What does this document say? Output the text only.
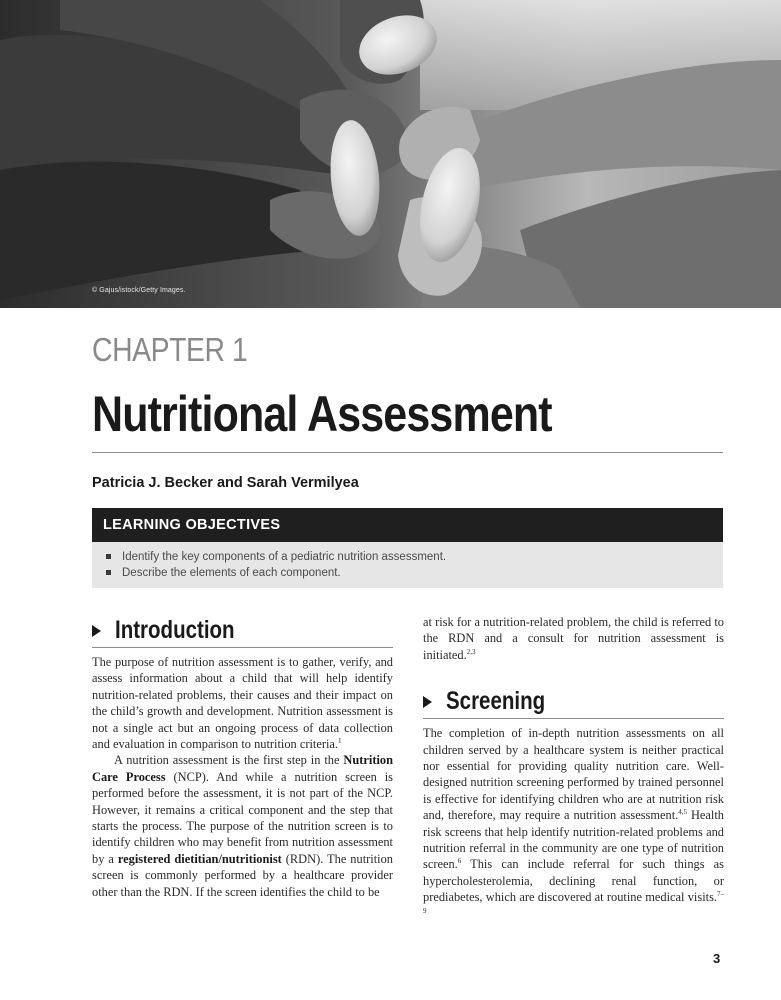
© Gajus/istock/Getty Images.
CHAPTER 1
Nutritional Assessment
Patricia J. Becker and Sarah Vermilyea
LEARNING OBJECTIVES
Identify the key components of a pediatric nutrition assessment.
Describe the elements of each component.
Introduction

The purpose of nutrition assessment is to gather, verify, and assess information about a child that will help identify nutrition-related problems, their causes and their impact on the child’s growth and development. Nutrition assessment is not a single act but an ongoing process of data collection and evaluation in comparison to nutrition criteria.$^1$

A nutrition assessment is the first step in the Nutrition Care Process (NCP). And while a nutrition screen is performed before the assessment, it is not part of the NCP. However, it remains a critical component and the step that starts the process. The purpose of the nutrition screen is to identify children who may benefit from nutrition assessment by a registered dietitian/nutritionist (RDN). The nutrition screen is commonly performed by a healthcare provider other than the RDN. If the screen identifies the child to be

at risk for a nutrition-related problem, the child is referred to the RDN and a consult for nutrition assessment is initiated.$^{2,3}$

Screening

The completion of in-depth nutrition assessments on all children served by a healthcare system is neither practical nor essential for providing quality nutrition care. Well-designed nutrition screening performed by trained personnel is effective for identifying children who are at nutrition risk and, therefore, may require a nutrition assessment.$^{4,5}$ Health risk screens that help identify nutrition-related problems and nutrition referral in the community are one type of nutrition screen.$^6$ This can include referral for such things as hypercholesterolemia, declining renal function, or prediabetes, which are discovered at routine medical visits.$^{7-9}$

3
